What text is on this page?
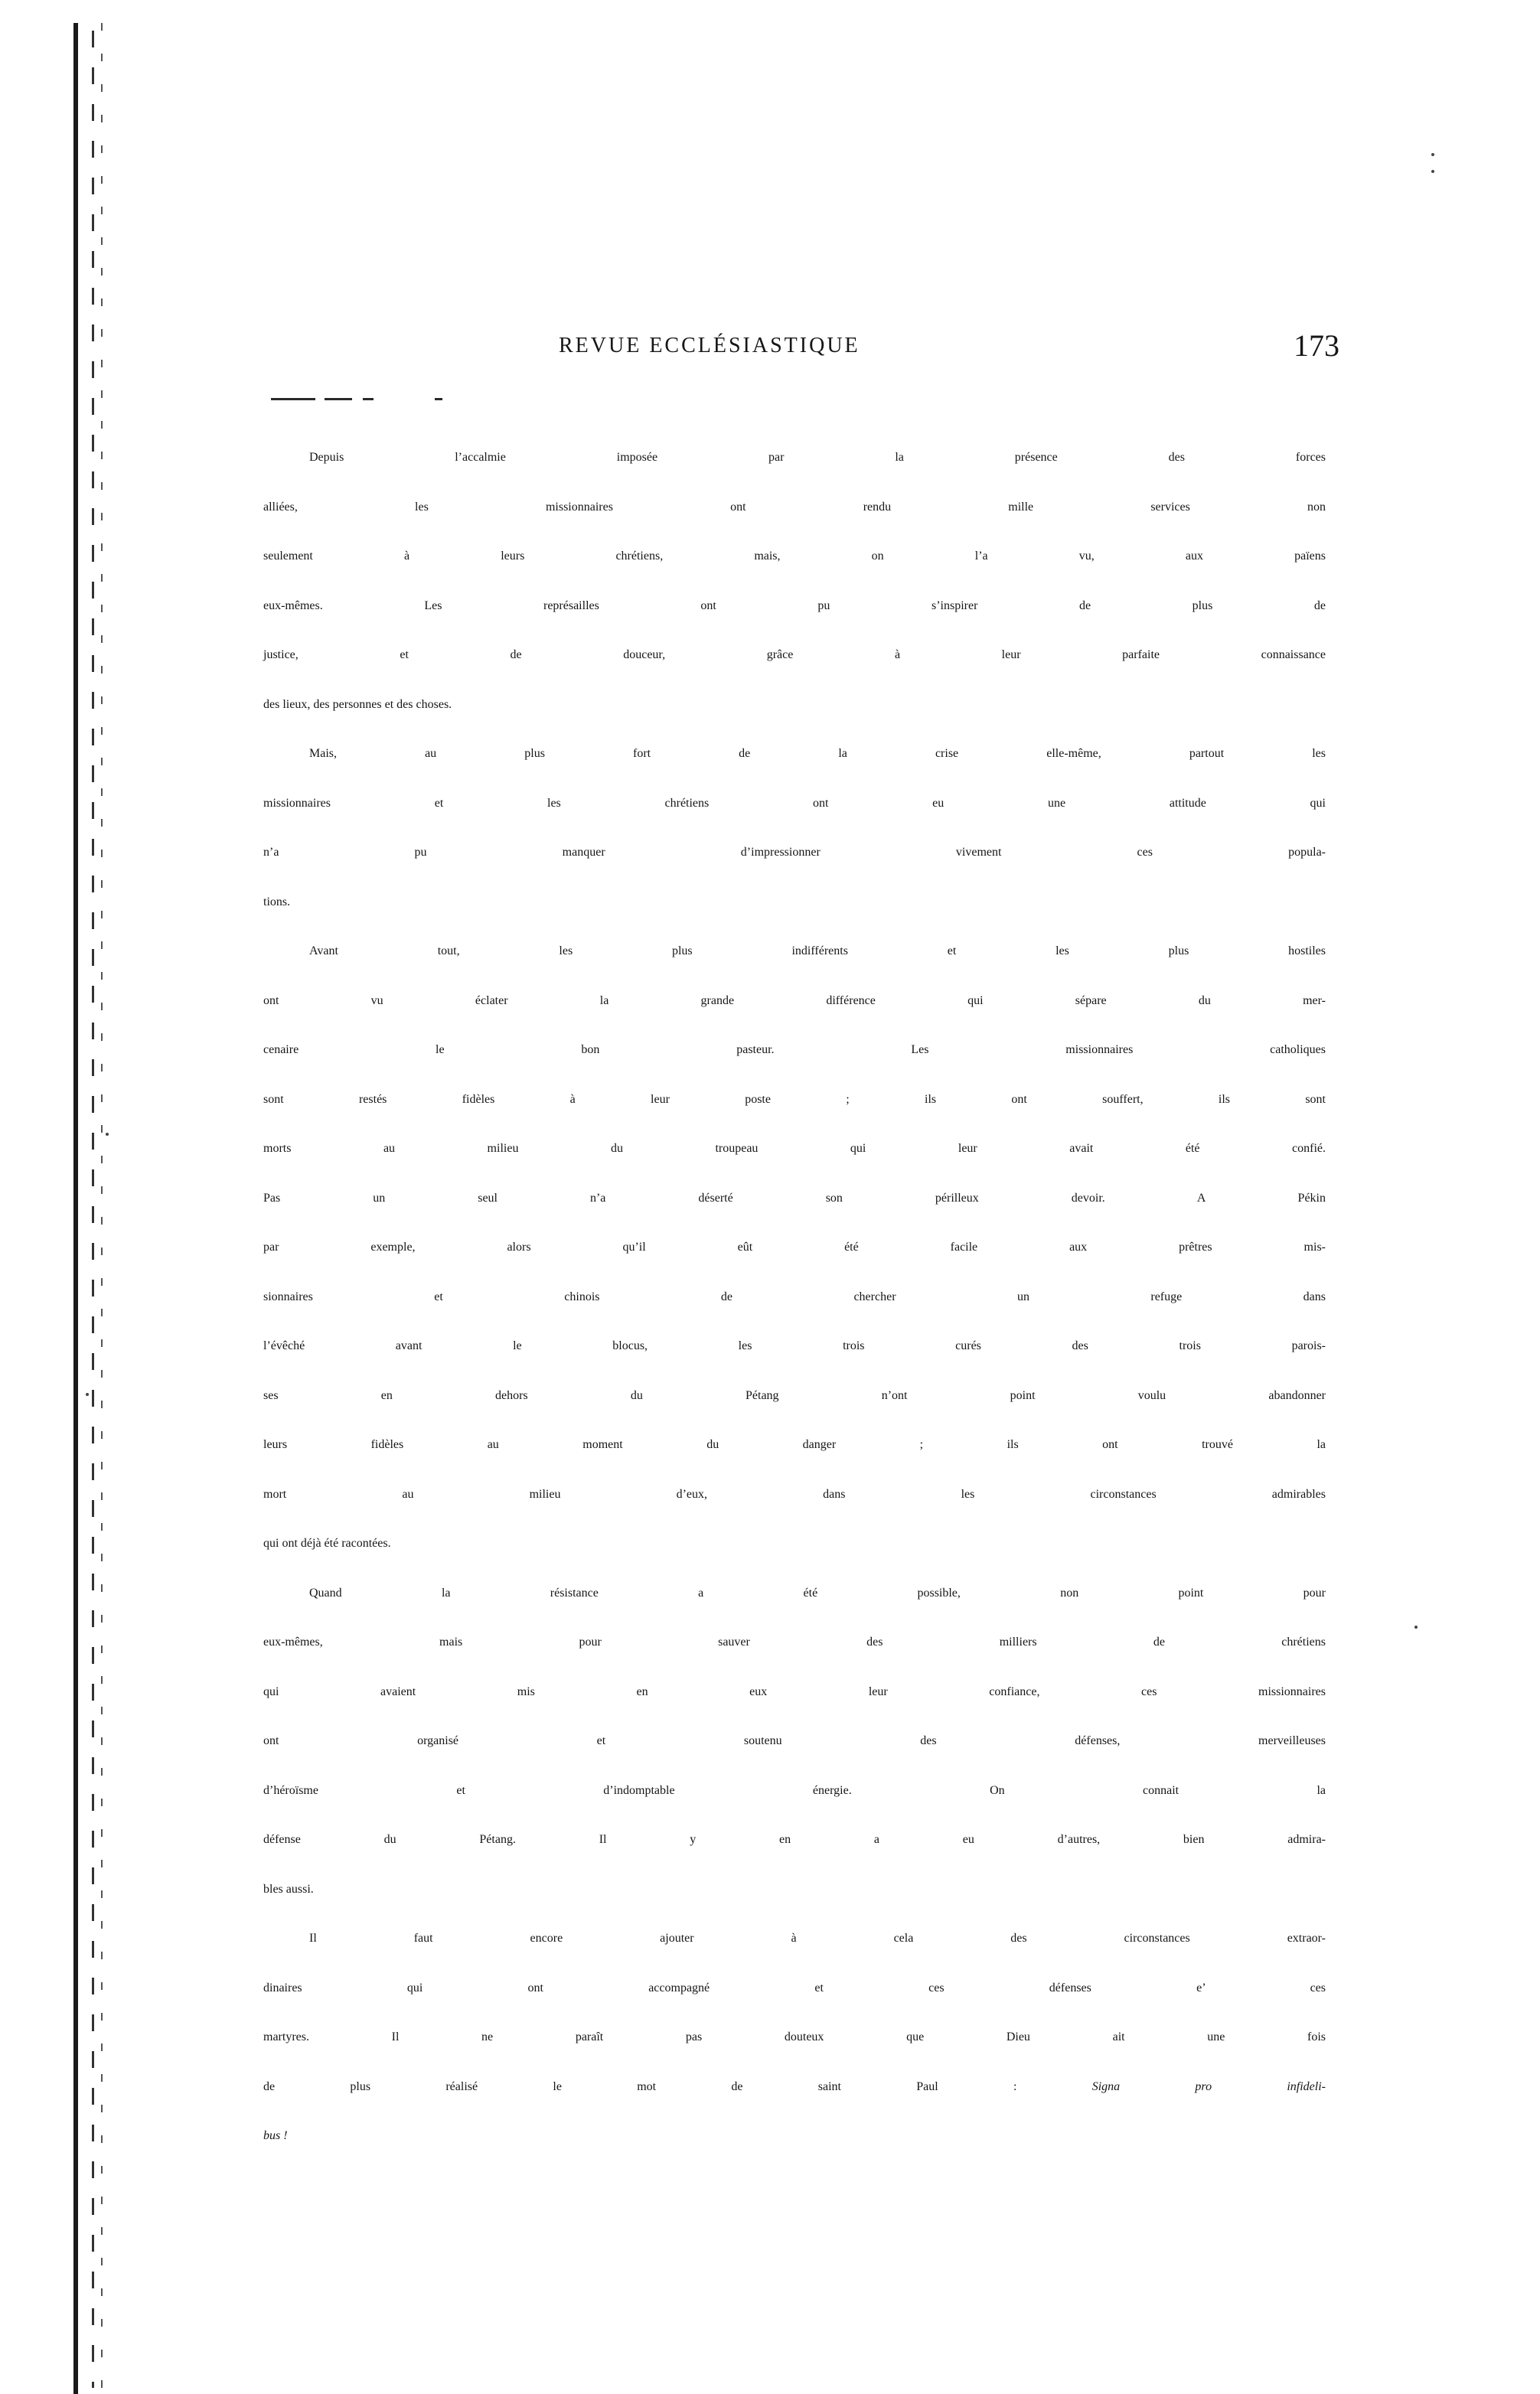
REVUE ECCLÉSIASTIQUE	173
Depuis l’accalmie imposée par la présence des forces
alliées, les missionnaires ont rendu mille services non
seulement à leurs chrétiens, mais, on l’a vu, aux païens
eux-mêmes. Les représailles ont pu s’inspirer de plus de
justice, et de douceur, grâce à leur parfaite connaissance
des lieux, des personnes et des choses.
Mais, au plus fort de la crise elle-même, partout les
missionnaires et les chrétiens ont eu une attitude qui
n’a pu manquer d’impressionner vivement ces popula-
tions.
Avant tout, les plus indifférents et les plus hostiles
ont vu éclater la grande différence qui sépare du mer-
cenaire le bon pasteur. Les missionnaires catholiques
sont restés fidèles à leur poste ; ils ont souffert, ils sont
morts au milieu du troupeau qui leur avait été confié.
Pas un seul n’a déserté son périlleux devoir. A Pékin
par exemple, alors qu’il eût été facile aux prêtres mis-
sionnaires et chinois de chercher un refuge dans
l’évêché avant le blocus, les trois curés des trois parois-
ses en dehors du Pétang n’ont point voulu abandonner
leurs fidèles au moment du danger ; ils ont trouvé la
mort au milieu d’eux, dans les circonstances admirables
qui ont déjà été racontées.
Quand la résistance a été possible, non point pour
eux-mêmes, mais pour sauver des milliers de chrétiens
qui avaient mis en eux leur confiance, ces missionnaires
ont organisé et soutenu des défenses, merveilleuses
d’héroïsme et d’indomptable énergie. On connait la
défense du Pétang. Il y en a eu d’autres, bien admira-
bles aussi.
Il faut encore ajouter à cela des circonstances extraor-
dinaires qui ont accompagné et ces défenses e’ ces
martyres. Il ne paraît pas douteux que Dieu ait une fois
de plus réalisé le mot de saint Paul :	Signa pro infideli-
bus !
